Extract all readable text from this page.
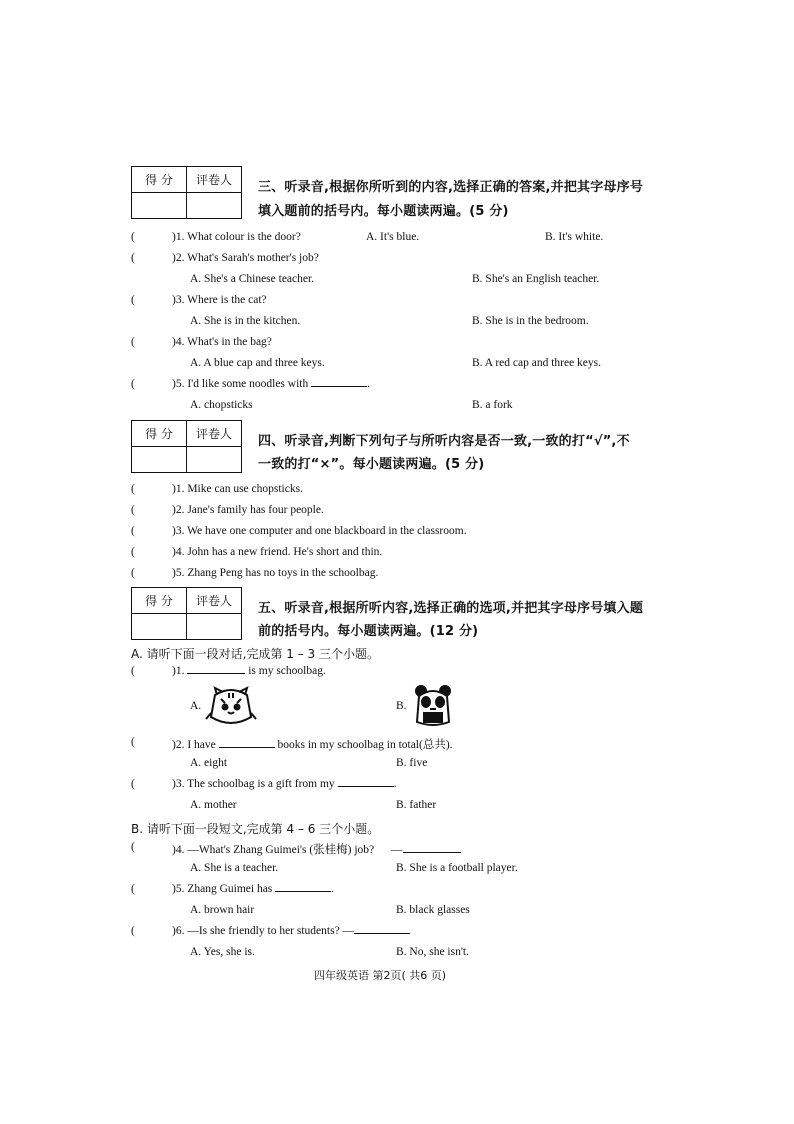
得 分	评卷人
	三、听录音,根据你所听到的内容,选择正确的答案,并把其字母序号
填入题前的括号内。每小题读两遍。(5 分)
(	)1. What colour is the door?	A. It's blue.	B. It's white.
(	)2. What's Sarah's mother's job?
A. She's a Chinese teacher.	B. She's an English teacher.
(	)3. Where is the cat?
A. She is in the kitchen.	B. She is in the bedroom.
(	)4. What's in the bag?
A. A blue cap and three keys.	B. A red cap and three keys.
(	)5. I'd like some noodles with	.
A. chopsticks	B. a fork
得 分	评卷人
	四、听录音,判断下列句子与所听内容是否一致,一致的打“√”,不
一致的打“×”。每小题读两遍。(5 分)
(	)1. Mike can use chopsticks.
(	)2. Jane's family has four people.
(	)3. We have one computer and one blackboard in the classroom.
(	)4. John has a new friend. He's short and thin.
(	)5. Zhang Peng has no toys in the schoolbag.
得 分	评卷人
	五、听录音,根据所听内容,选择正确的选项,并把其字母序号填入题
前的括号内。每小题读两遍。(12 分)
A. 请听下面一段对话,完成第 1 – 3 三个小题。
(	)1.	is my schoolbag.
A.	B.
(	)2. I have	books in my schoolbag in total(总共).
A. eight	B. five
(	)3. The schoolbag is a gift from my	.
A. mother	B. father
B. 请听下面一段短文,完成第 4 – 6 三个小题。
(	)4. —What's Zhang Guimei's (张桂梅) job? —
A. She is a teacher.	B. She is a football player.
(	)5. Zhang Guimei has	.
A. brown hair	B. black glasses
(	)6. —Is she friendly to her students? —
A. Yes, she is.	B. No, she isn't.
四年级英语 第2页( 共6 页)
